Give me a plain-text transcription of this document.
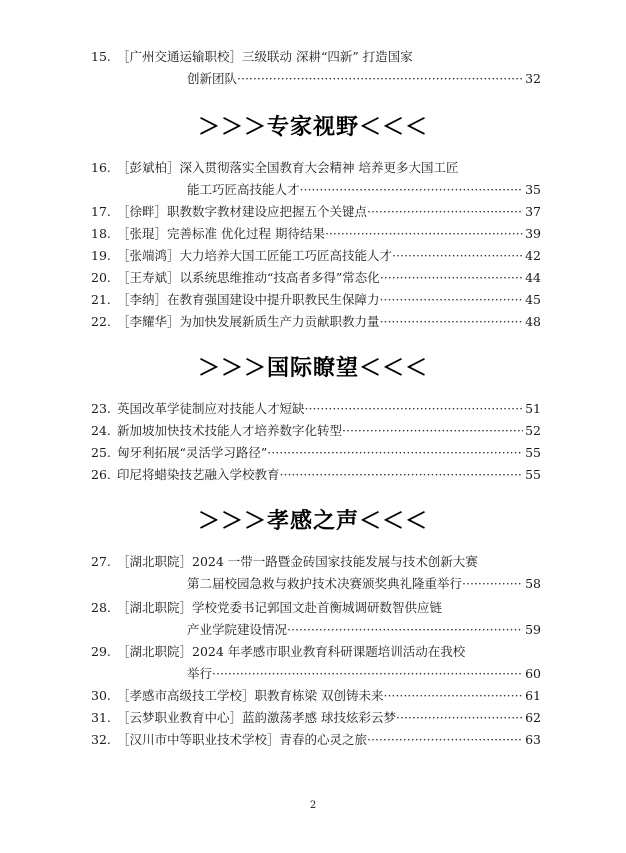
15. ［广州交通运输职校］三级联动 深耕“四新” 打造国家
创新团队 ·····	32
＞＞＞专家视野＜＜＜
16. ［彭斌柏］深入贯彻落实全国教育大会精神 培养更多大国工匠
能工巧匠高技能人才 ·····	35
17. ［徐畔］职教数字教材建设应把握五个关键点 ·····	37
18. ［张琨］完善标准 优化过程 期待结果 ·····	39
19. ［张端鸿］大力培养大国工匠能工巧匠高技能人才 ·····	42
20. ［王寿斌］以系统思维推动“技高者多得”常态化 ·····	44
21. ［李纳］在教育强国建设中提升职教民生保障力 ·····	45
22. ［李耀华］为加快发展新质生产力贡献职教力量 ·····	48
＞＞＞国际瞭望＜＜＜
23. 英国改革学徒制应对技能人才短缺 ·····	51
24. 新加坡加快技术技能人才培养数字化转型 ·····	52
25. 匈牙利拓展“灵活学习路径” ·····	55
26. 印尼将蜡染技艺融入学校教育 ·····	55
＞＞＞孝感之声＜＜＜
27. ［湖北职院］2024 一带一路暨金砖国家技能发展与技术创新大赛
第二届校园急救与救护技术决赛颁奖典礼隆重举行 ·····	58
28. ［湖北职院］学校党委书记郭国文赴首衡城调研数智供应链
产业学院建设情况 ·····	59
29. ［湖北职院］2024 年孝感市职业教育科研课题培训活动在我校
举行 ·····	60
30. ［孝感市高级技工学校］职教育栋梁 双创铸未来 ·····	61
31. ［云梦职业教育中心］蓝韵激荡孝感 球技炫彩云梦 ·····	62
32. ［汉川市中等职业技术学校］青春的心灵之旅 ·····	63
2
